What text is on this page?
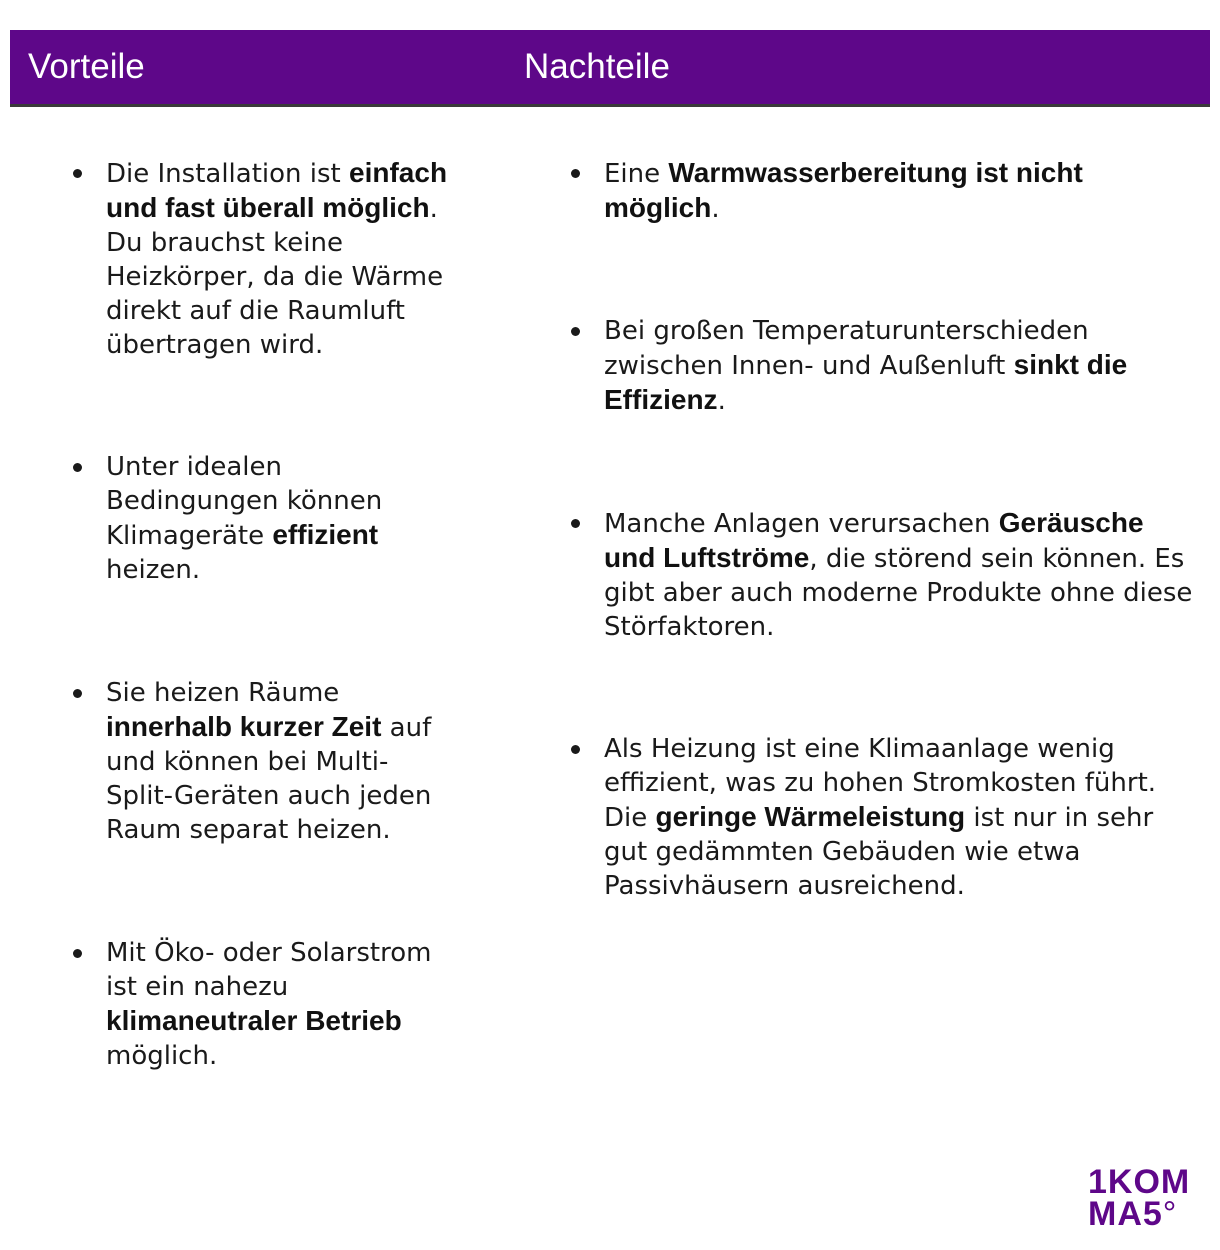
Vorteile	Nachteile
Die Installation ist einfach und fast überall möglich. Du brauchst keine Heizkörper, da die Wärme direkt auf die Raumluft übertragen wird.
Unter idealen Bedingungen können Klimageräte effizient heizen.
Sie heizen Räume innerhalb kurzer Zeit auf und können bei Multi-Split-Geräten auch jeden Raum separat heizen.
Mit Öko- oder Solarstrom ist ein nahezu klimaneutraler Betrieb möglich.
Eine Warmwasserbereitung ist nicht möglich.
Bei großen Temperaturunterschieden zwischen Innen- und Außenluft sinkt die Effizienz.
Manche Anlagen verursachen Geräusche und Luftströme, die störend sein können. Es gibt aber auch moderne Produkte ohne diese Störfaktoren.
Als Heizung ist eine Klimaanlage wenig effizient, was zu hohen Stromkosten führt. Die geringe Wärmeleistung ist nur in sehr gut gedämmten Gebäuden wie etwa Passivhäusern ausreichend.
1KOM
MA5°
